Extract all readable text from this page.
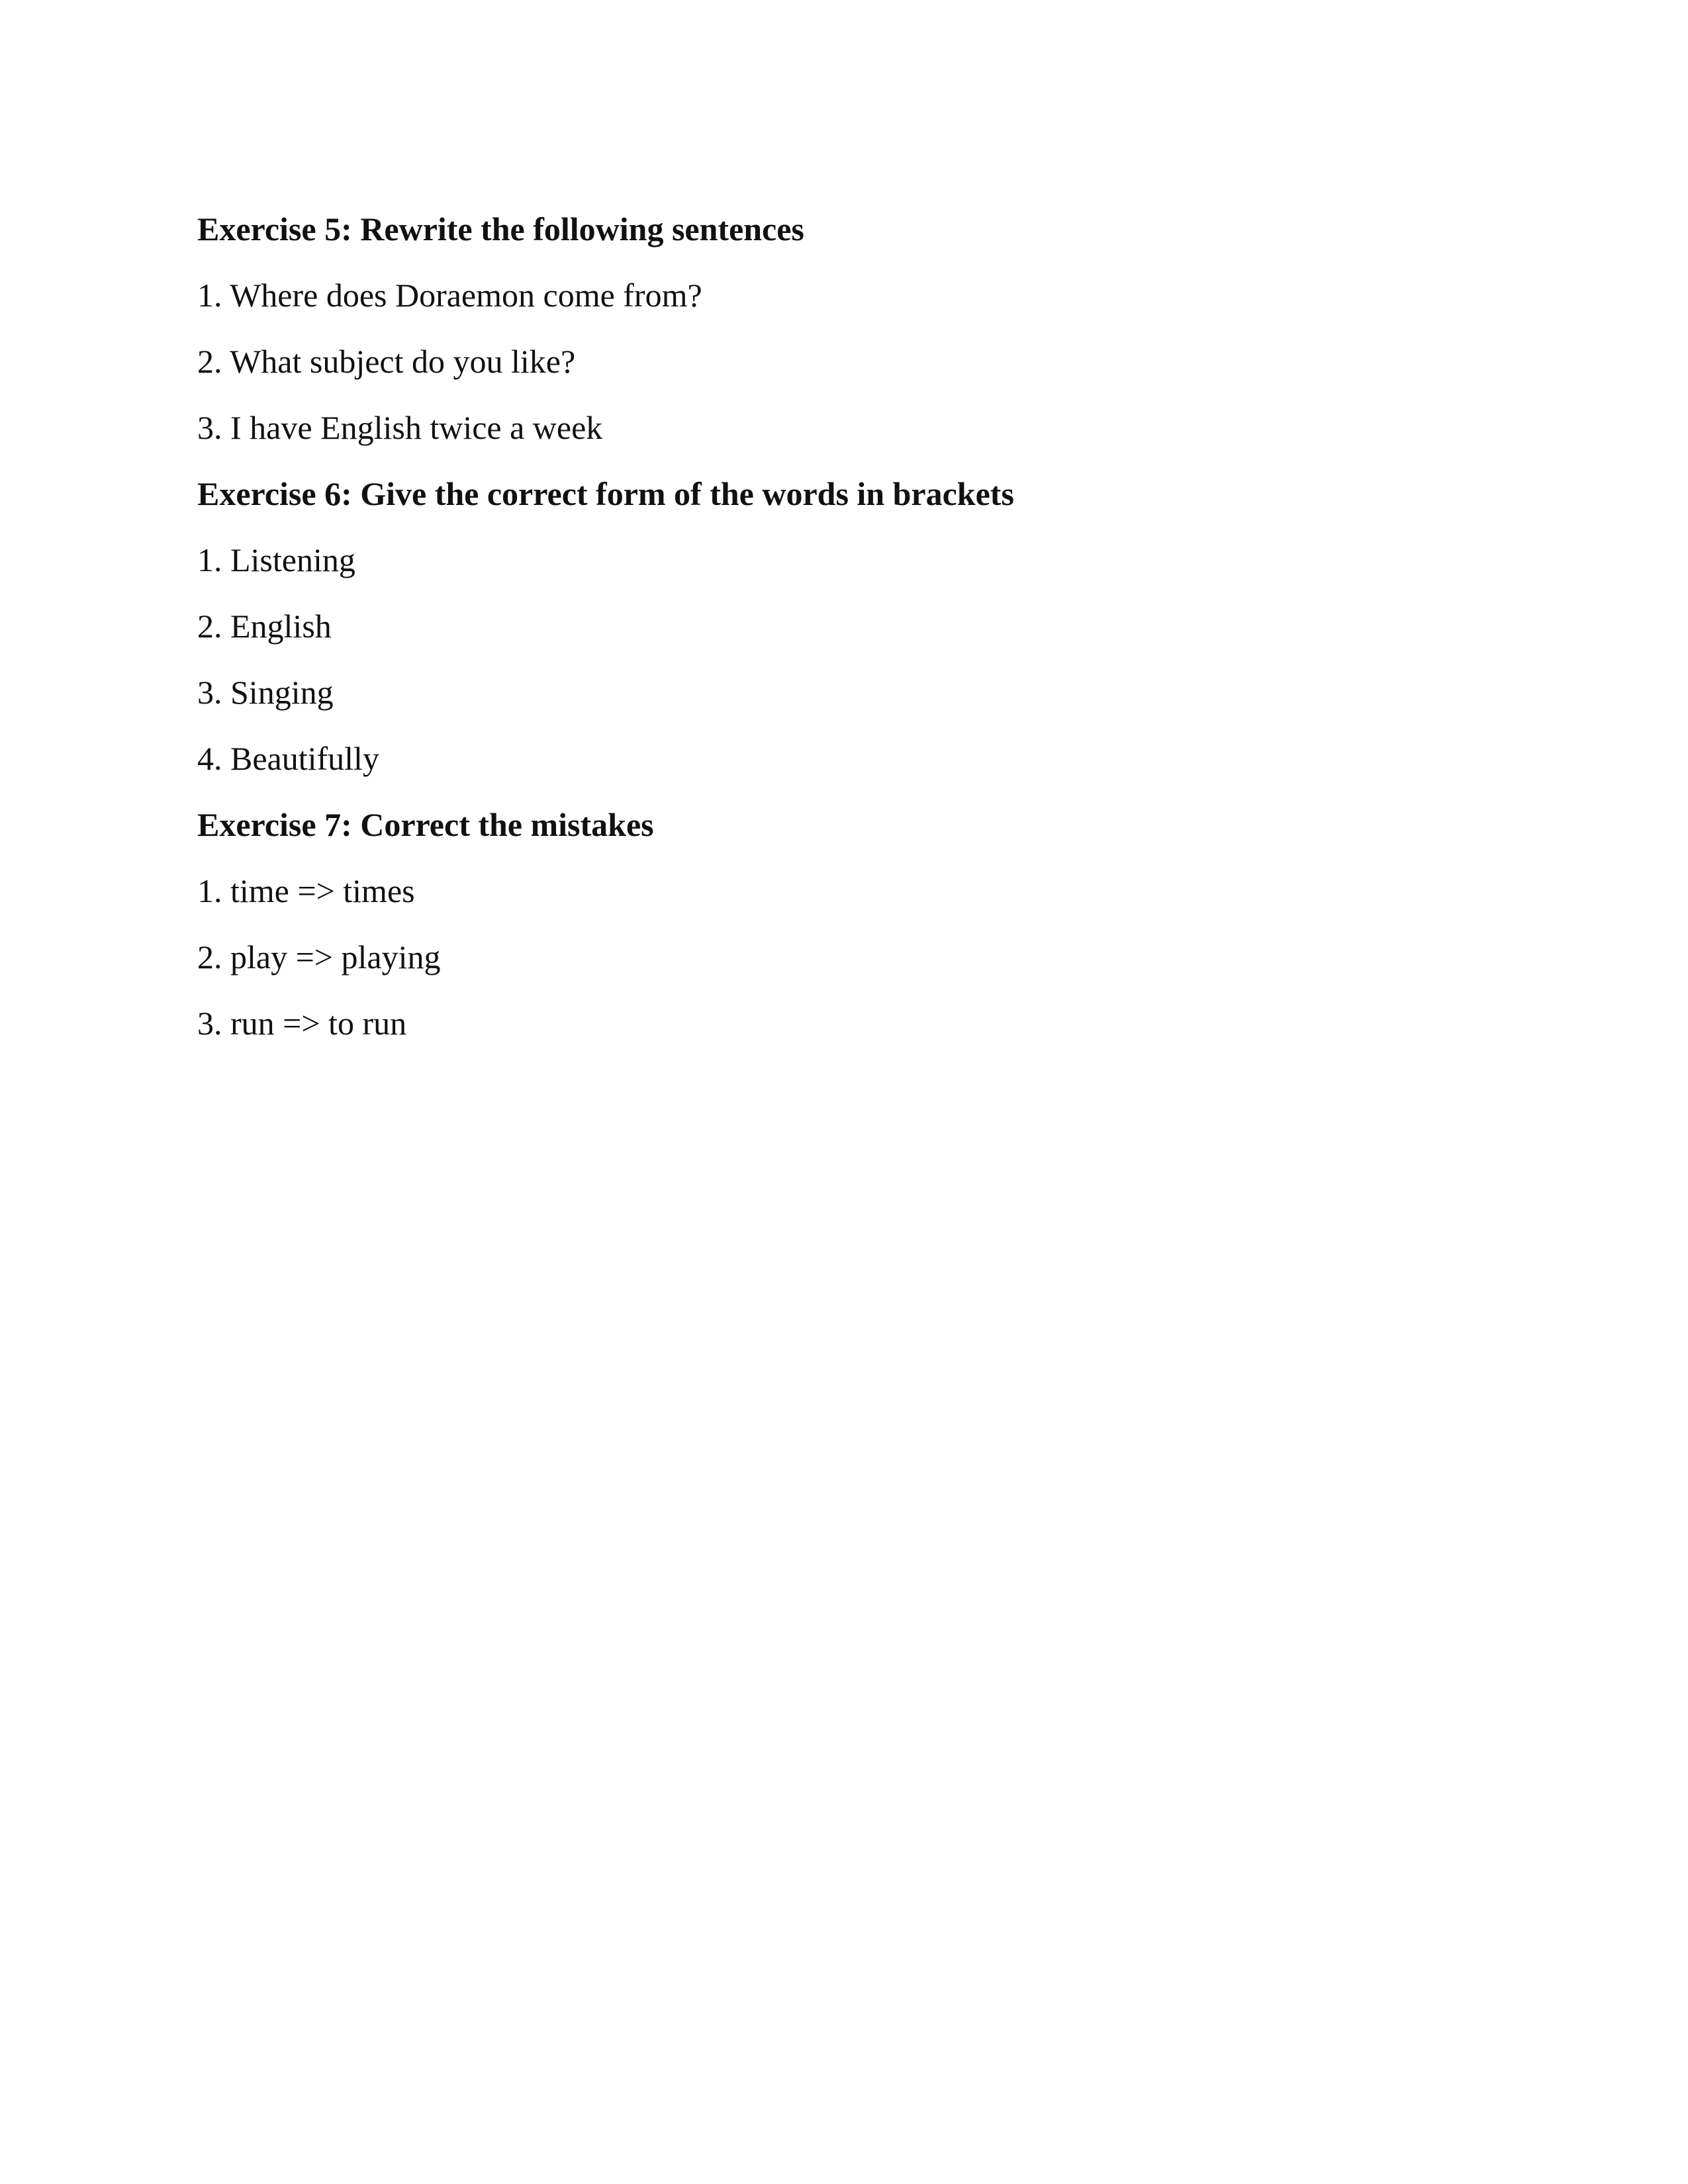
Exercise 5: Rewrite the following sentences
1. Where does Doraemon come from?
2. What subject do you like?
3. I have English twice a week
Exercise 6: Give the correct form of the words in brackets
1. Listening
2. English
3. Singing
4. Beautifully
Exercise 7: Correct the mistakes
1. time => times
2. play => playing
3. run => to run
